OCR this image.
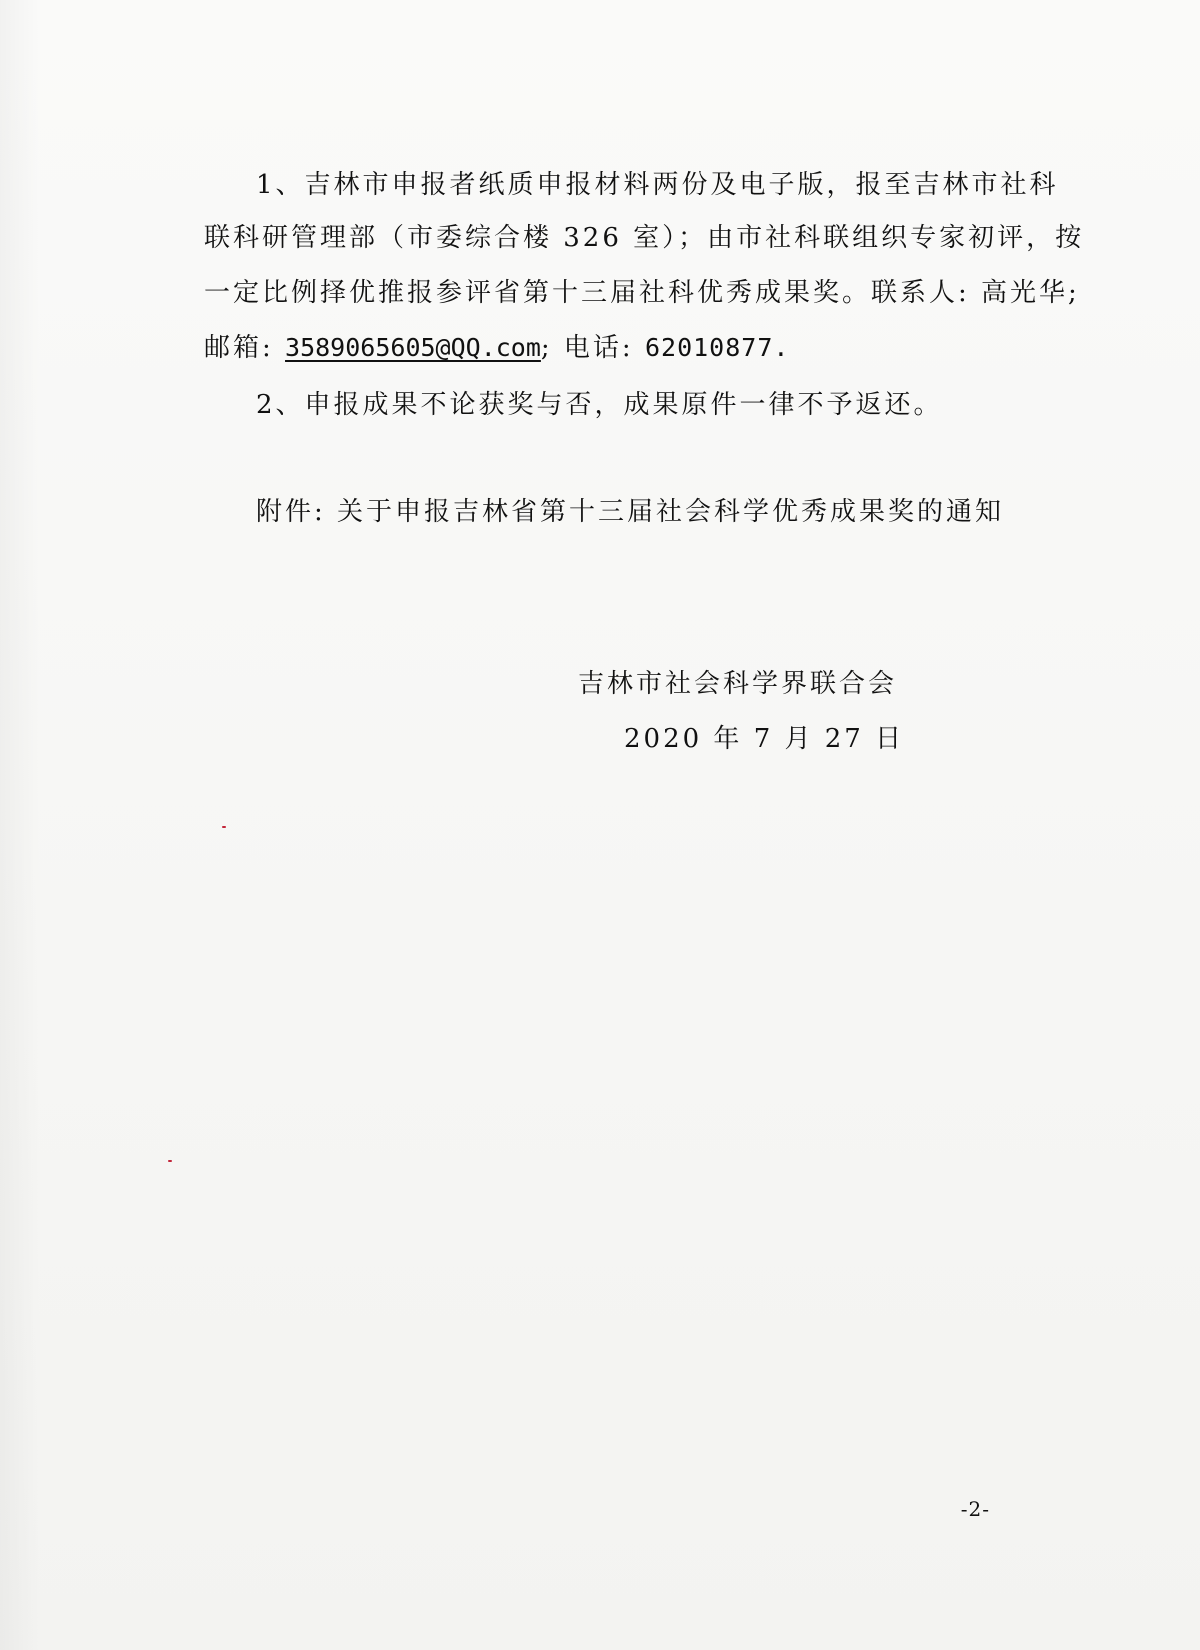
1、吉林市申报者纸质申报材料两份及电子版，报至吉林市社科
联科研管理部（市委综合楼 326 室）；由市社科联组织专家初评，按
一定比例择优推报参评省第十三届社科优秀成果奖。联系人: 高光华;
邮箱: 3589065605@QQ.com; 电话: 62010877.
2、申报成果不论获奖与否，成果原件一律不予返还。
附件: 关于申报吉林省第十三届社会科学优秀成果奖的通知
吉林市社会科学界联合会
2020 年 7 月 27 日
-2-
